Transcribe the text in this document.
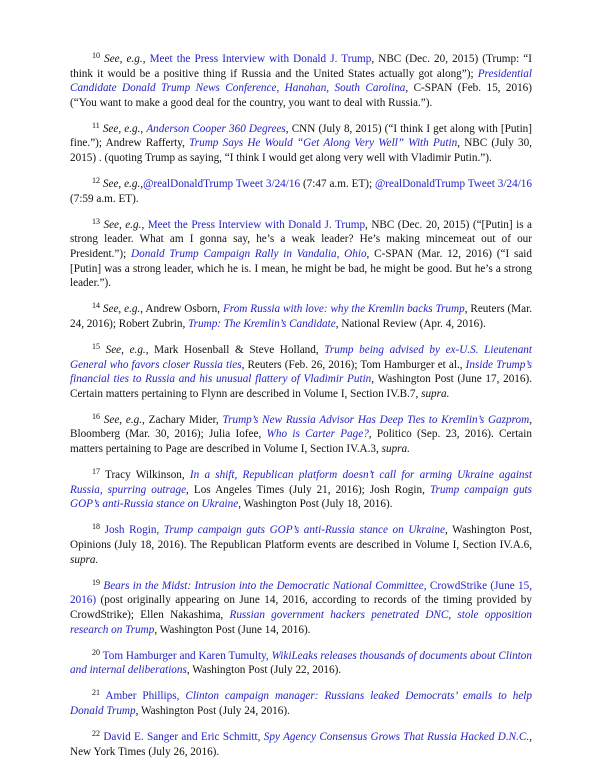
$^{10}$ See, e.g., Meet the Press Interview with Donald J. Trump, NBC (Dec. 20, 2015) (Trump: “I think it would be a positive thing if Russia and the United States actually got along”); Presidential Candidate Donald Trump News Conference, Hanahan, South Carolina, C-SPAN (Feb. 15, 2016) (“You want to make a good deal for the country, you want to deal with Russia.”).

$^{11}$ See, e.g., Anderson Cooper 360 Degrees, CNN (July 8, 2015) (“I think I get along with [Putin] fine.”); Andrew Rafferty, Trump Says He Would “Get Along Very Well” With Putin, NBC (July 30, 2015) . (quoting Trump as saying, “I think I would get along very well with Vladimir Putin.”).

$^{12}$ See, e.g.,@realDonaldTrump Tweet 3/24/16 (7:47 a.m. ET); @realDonaldTrump Tweet 3/24/16 (7:59 a.m. ET).

$^{13}$ See, e.g., Meet the Press Interview with Donald J. Trump, NBC (Dec. 20, 2015) (“[Putin] is a strong leader. What am I gonna say, he’s a weak leader? He’s making mincemeat out of our President.”); Donald Trump Campaign Rally in Vandalia, Ohio, C-SPAN (Mar. 12, 2016) (“I said [Putin] was a strong leader, which he is. I mean, he might be bad, he might be good. But he’s a strong leader.”).

$^{14}$ See, e.g., Andrew Osborn, From Russia with love: why the Kremlin backs Trump, Reuters (Mar. 24, 2016); Robert Zubrin, Trump: The Kremlin’s Candidate, National Review (Apr. 4, 2016).

$^{15}$ See, e.g., Mark Hosenball & Steve Holland, Trump being advised by ex-U.S. Lieutenant General who favors closer Russia ties, Reuters (Feb. 26, 2016); Tom Hamburger et al., Inside Trump’s financial ties to Russia and his unusual flattery of Vladimir Putin, Washington Post (June 17, 2016). Certain matters pertaining to Flynn are described in Volume I, Section IV.B.7, supra.

$^{16}$ See, e.g., Zachary Mider, Trump’s New Russia Advisor Has Deep Ties to Kremlin’s Gazprom, Bloomberg (Mar. 30, 2016); Julia Iofee, Who is Carter Page?, Politico (Sep. 23, 2016). Certain matters pertaining to Page are described in Volume I, Section IV.A.3, supra.

$^{17}$ Tracy Wilkinson, In a shift, Republican platform doesn’t call for arming Ukraine against Russia, spurring outrage, Los Angeles Times (July 21, 2016); Josh Rogin, Trump campaign guts GOP’s anti-Russia stance on Ukraine, Washington Post (July 18, 2016).

$^{18}$ Josh Rogin, Trump campaign guts GOP’s anti-Russia stance on Ukraine, Washington Post, Opinions (July 18, 2016). The Republican Platform events are described in Volume I, Section IV.A.6, supra.

$^{19}$ Bears in the Midst: Intrusion into the Democratic National Committee, CrowdStrike (June 15, 2016) (post originally appearing on June 14, 2016, according to records of the timing provided by CrowdStrike); Ellen Nakashima, Russian government hackers penetrated DNC, stole opposition research on Trump, Washington Post (June 14, 2016).

$^{20}$ Tom Hamburger and Karen Tumulty, WikiLeaks releases thousands of documents about Clinton and internal deliberations, Washington Post (July 22, 2016).

$^{21}$ Amber Phillips, Clinton campaign manager: Russians leaked Democrats’ emails to help Donald Trump, Washington Post (July 24, 2016).

$^{22}$ David E. Sanger and Eric Schmitt, Spy Agency Consensus Grows That Russia Hacked D.N.C., New York Times (July 26, 2016).
